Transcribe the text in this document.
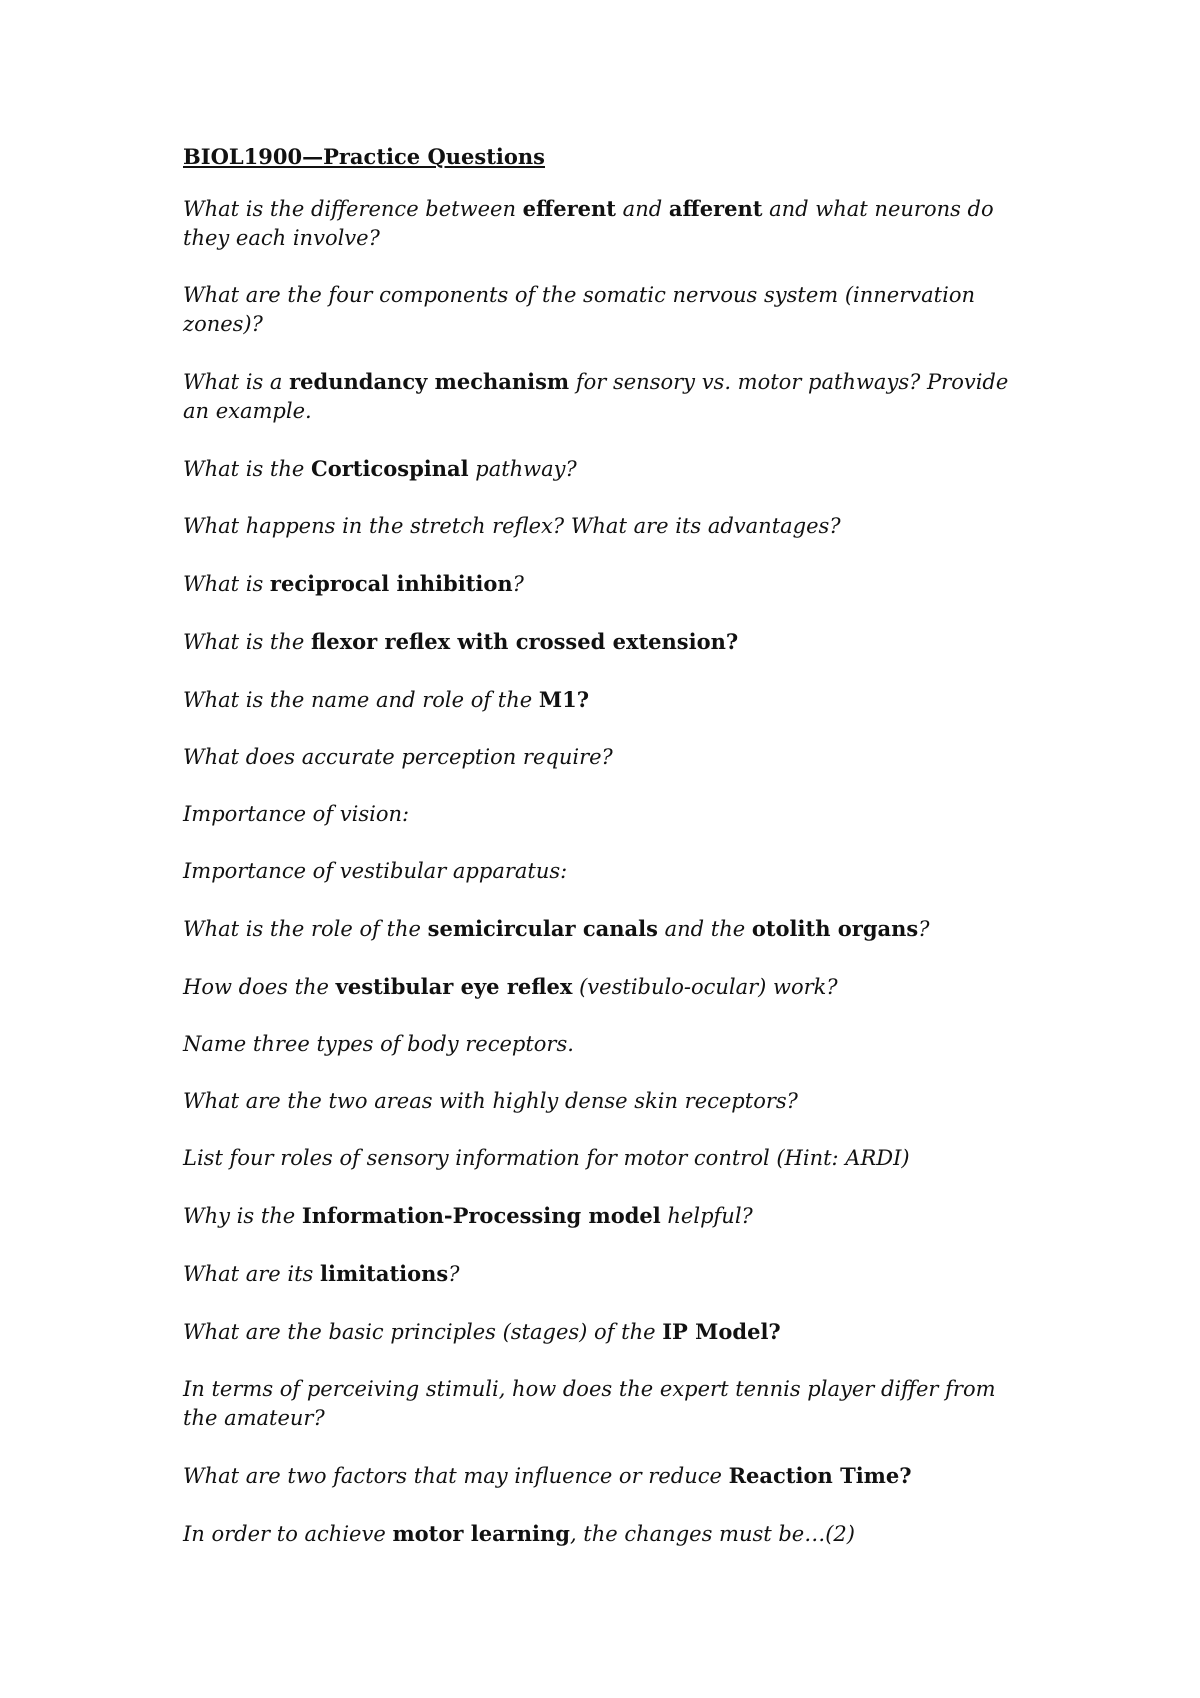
BIOL1900—Practice Questions

What is the difference between efferent and afferent and what neurons do they each involve?

What are the four components of the somatic nervous system (innervation zones)?

What is a redundancy mechanism for sensory vs. motor pathways? Provide an example.

What is the Corticospinal pathway?

What happens in the stretch reflex? What are its advantages?

What is reciprocal inhibition?

What is the flexor reflex with crossed extension?

What is the name and role of the M1?

What does accurate perception require?

Importance of vision:

Importance of vestibular apparatus:

What is the role of the semicircular canals and the otolith organs?

How does the vestibular eye reflex (vestibulo-ocular) work?

Name three types of body receptors.

What are the two areas with highly dense skin receptors?

List four roles of sensory information for motor control (Hint: ARDI)

Why is the Information-Processing model helpful?

What are its limitations?

What are the basic principles (stages) of the IP Model?

In terms of perceiving stimuli, how does the expert tennis player differ from the amateur?

What are two factors that may influence or reduce Reaction Time?

In order to achieve motor learning, the changes must be…(2)
